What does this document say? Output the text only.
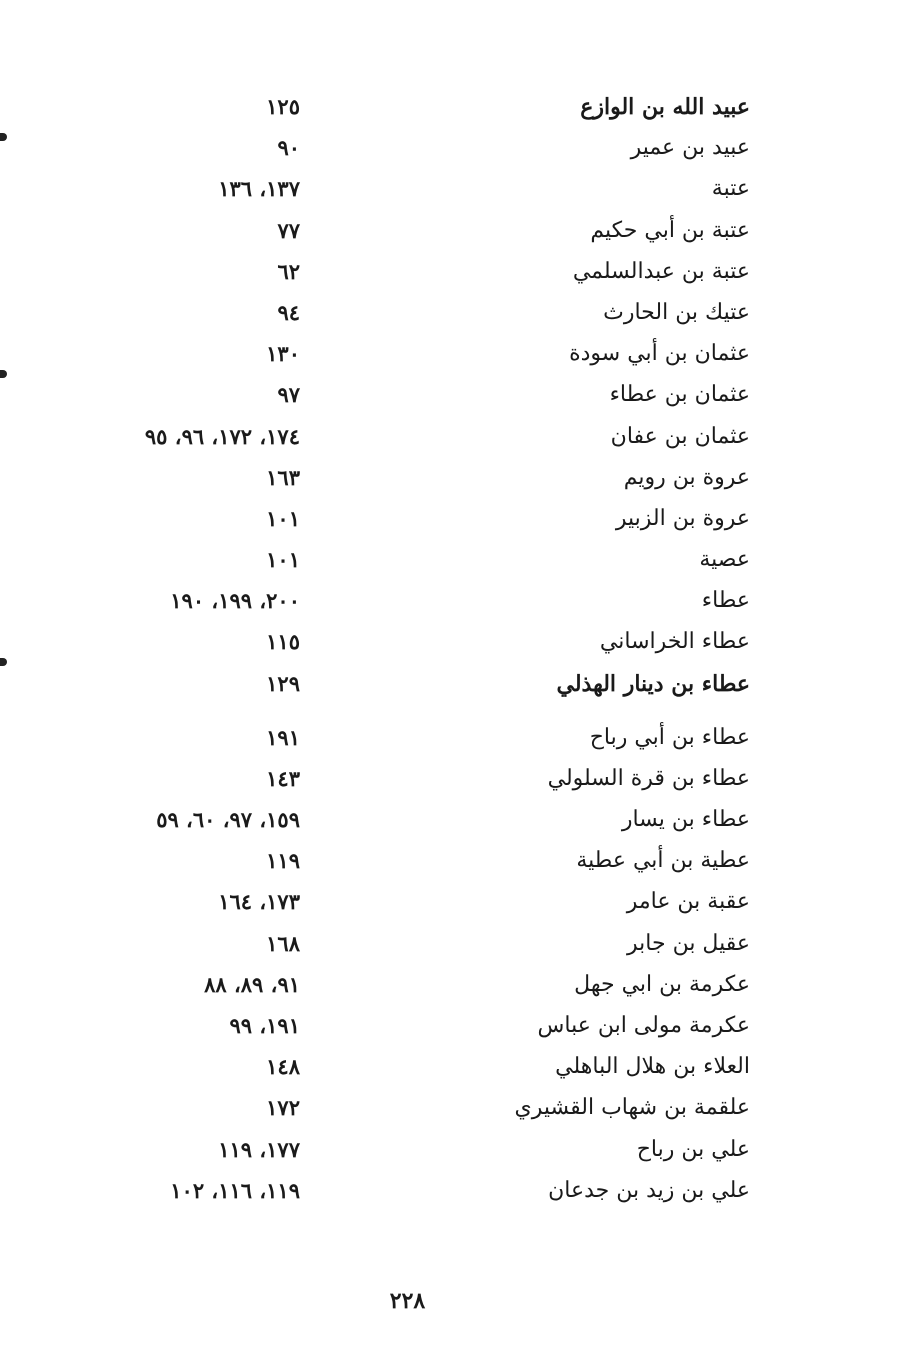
عبيد الله بن الوازع
١٢٥
عبيد بن عمير
٩٠
عتبة
١٣٧، ١٣٦
عتبة بن أبي حكيم
٧٧
عتبة بن عبدالسلمي
٦٢
عتيك بن الحارث
٩٤
عثمان بن أبي سودة
١٣٠
عثمان بن عطاء
٩٧
عثمان بن عفان
١٧٤، ١٧٢، ٩٦، ٩٥
عروة بن رويم
١٦٣
عروة بن الزبير
١٠١
عصية
١٠١
عطاء
٢٠٠، ١٩٩، ١٩٠
عطاء الخراساني
١١٥
عطاء بن دينار الهذلي
١٢٩
عطاء بن أبي رباح
١٩١
عطاء بن قرة السلولي
١٤٣
عطاء بن يسار
١٥٩، ٩٧، ٦٠، ٥٩
عطية بن أبي عطية
١١٩
عقبة بن عامر
١٧٣، ١٦٤
عقيل بن جابر
١٦٨
عكرمة بن ابي جهل
٩١، ٨٩، ٨٨
عكرمة مولى ابن عباس
١٩١، ٩٩
العلاء بن هلال الباهلي
١٤٨
علقمة بن شهاب القشيري
١٧٢
علي بن رباح
١٧٧، ١١٩
علي بن زيد بن جدعان
١١٩، ١١٦، ١٠٢
٢٢٨
